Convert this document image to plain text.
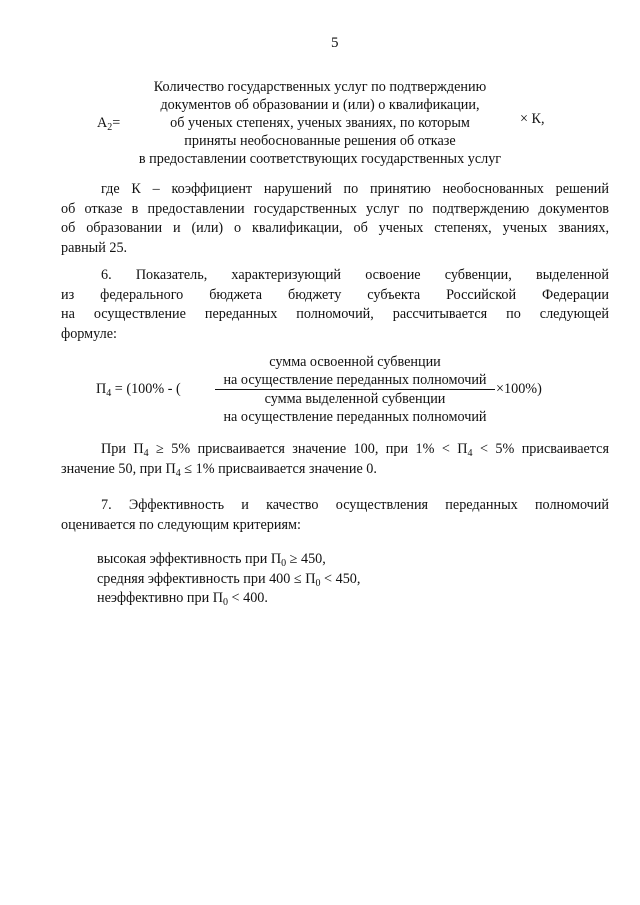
5
Количество государственных услуг по подтверждению
документов об образовании и (или) о квалификации,
об ученых степенях, ученых званиях, по которым
приняты необоснованные решения об отказе
в предоставлении соответствующих государственных услуг
$A_2=$	× К,
где К – коэффициент нарушений по принятию необоснованных решений
об отказе в предоставлении государственных услуг по подтверждению документов
об образовании и (или) о квалификации, об ученых степенях, ученых званиях,
равный 25.
6. Показатель, характеризующий освоение субвенции, выделенной
из федерального бюджета бюджету субъекта Российской Федерации
на осуществление переданных полномочий, рассчитывается по следующей
формуле:
сумма освоенной субвенции
на осуществление переданных полномочий
$П_4 = (100\%$ - (	×100%)
сумма выделенной субвенции
на осуществление переданных полномочий
При $П_4 \ge 5\%$ присваивается значение 100, при $1\% < П_4 < 5\%$ присваивается
значение 50, при $П_4 \le 1\%$ присваивается значение 0.
7. Эффективность и качество осуществления переданных полномочий
оценивается по следующим критериям:
высокая эффективность при $П_0 \ge 450$,
средняя эффективность при $400 \le П_0 < 450$,
неэффективно при $П_0 < 400$.
